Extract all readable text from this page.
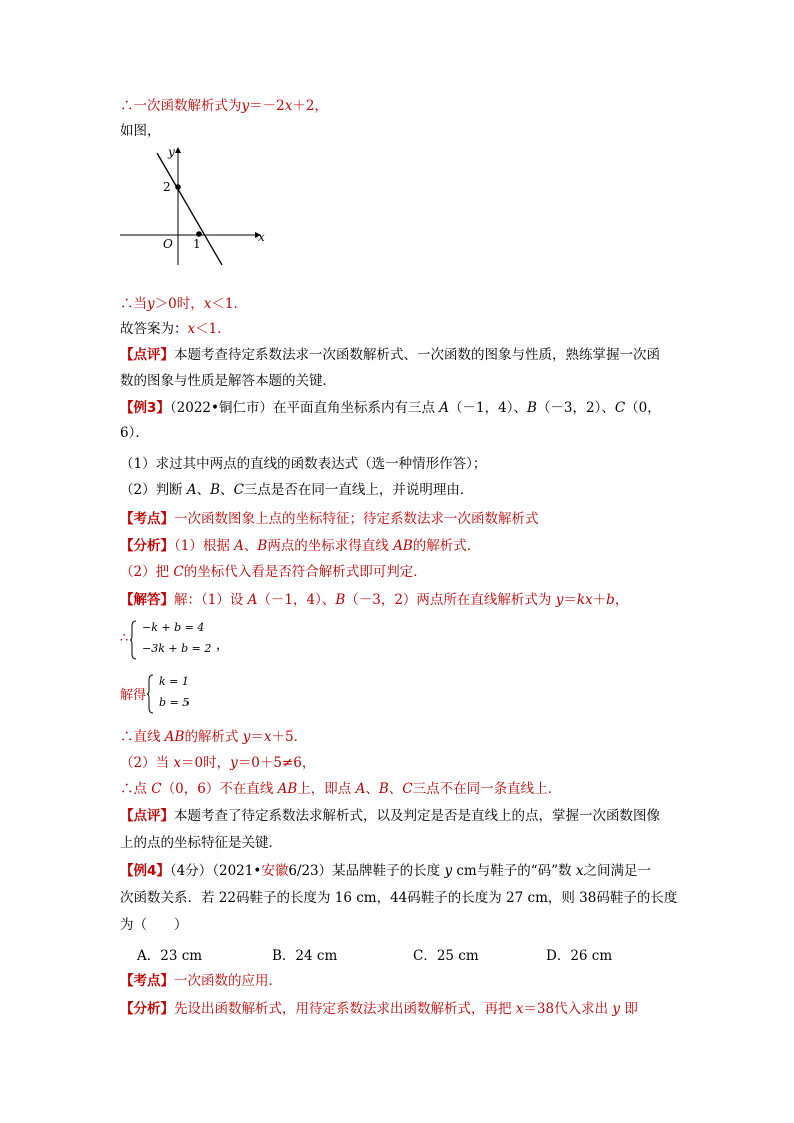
∴一次函数解析式为y＝－2x＋2，
如图，
y
x
O
2
1
∴当y＞0时，x＜1．
故答案为：x＜1．
【点评】本题考查待定系数法求一次函数解析式、一次函数的图象与性质，熟练掌握一次函
数的图象与性质是解答本题的关键．
【例3】（2022•铜仁市）在平面直角坐标系内有三点 A（－1，4）、B（－3，2）、C（0，
6）．
（1）求过其中两点的直线的函数表达式（选一种情形作答）；
（2）判断 A、B、C三点是否在同一直线上，并说明理由．
【考点】一次函数图象上点的坐标特征；待定系数法求一次函数解析式
【分析】（1）根据 A、B两点的坐标求得直线 AB的解析式．
（2）把 C的坐标代入看是否符合解析式即可判定．
【解答】解：（1）设 A（－1，4）、B（－3，2）两点所在直线解析式为 y＝kx＋b，
∴
−k + b = 4
−3k + b = 2 ，
解得
k = 1
b = 5
，
∴直线 AB的解析式 y＝x＋5．
（2）当 x＝0时，y＝0＋5≠6，
∴点 C（0，6）不在直线 AB上，即点 A、B、C三点不在同一条直线上．
【点评】本题考查了待定系数法求解析式，以及判定是否是直线上的点，掌握一次函数图像
上的点的坐标特征是关键．
【例4】（4分）（2021•安徽6/23）某品牌鞋子的长度 y cm与鞋子的“码”数 x之间满足一
次函数关系．若 22码鞋子的长度为 16 cm，44码鞋子的长度为 27 cm，则 38码鞋子的长度
为（　　）
A．23 cm	B．24 cm	C．25 cm	D．26 cm
【考点】一次函数的应用．
【分析】先设出函数解析式，用待定系数法求出函数解析式，再把 x＝38代入求出 y 即
